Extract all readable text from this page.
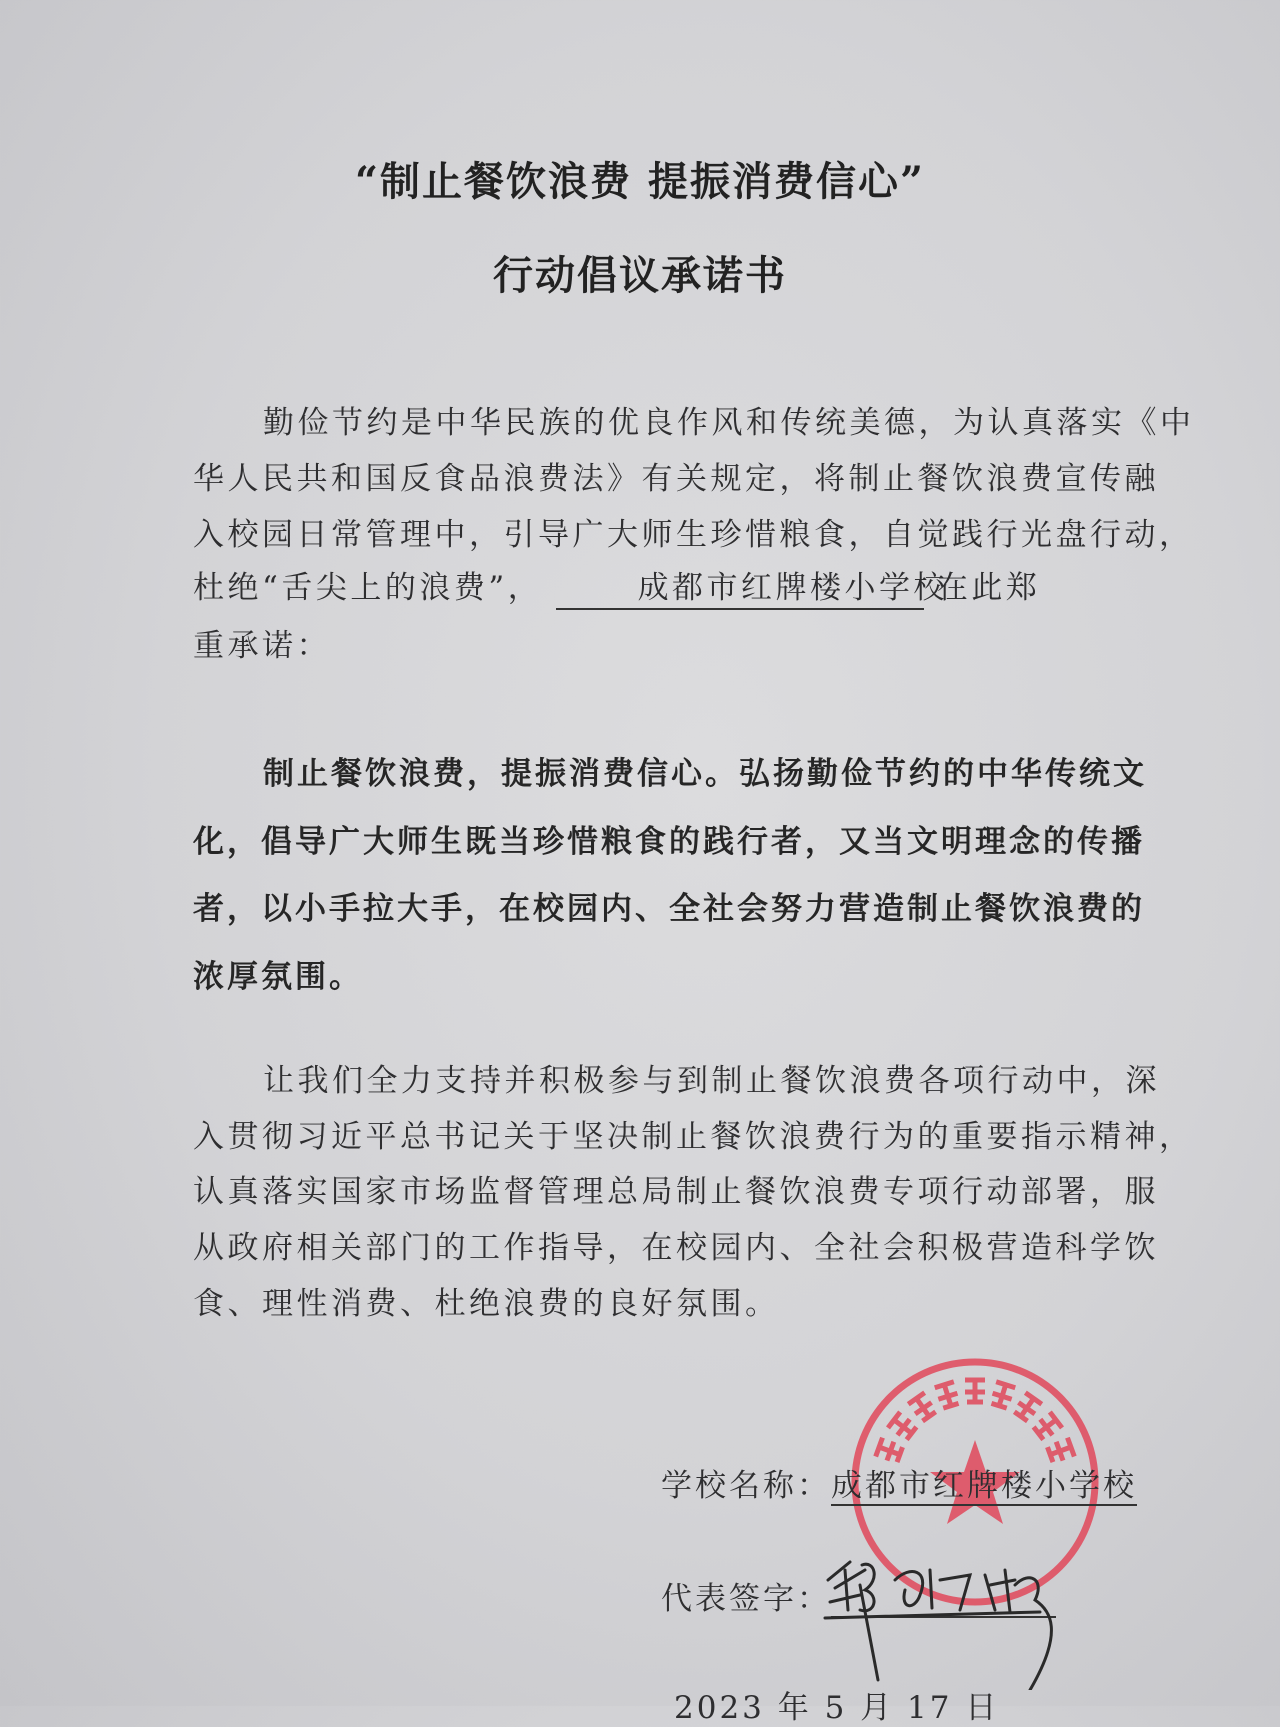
“制止餐饮浪费 提振消费信心”
行动倡议承诺书
勤俭节约是中华民族的优良作风和传统美德，为认真落实《中
华人民共和国反食品浪费法》有关规定，将制止餐饮浪费宣传融
入校园日常管理中，引导广大师生珍惜粮食，自觉践行光盘行动，
杜绝“舌尖上的浪费”，	成都市红牌楼小学校 在此郑
重承诺：
制止餐饮浪费，提振消费信心。弘扬勤俭节约的中华传统文
化，倡导广大师生既当珍惜粮食的践行者，又当文明理念的传播
者，以小手拉大手，在校园内、全社会努力营造制止餐饮浪费的
浓厚氛围。
让我们全力支持并积极参与到制止餐饮浪费各项行动中，深
入贯彻习近平总书记关于坚决制止餐饮浪费行为的重要指示精神，
认真落实国家市场监督管理总局制止餐饮浪费专项行动部署，服
从政府相关部门的工作指导，在校园内、全社会积极营造科学饮
食、理性消费、杜绝浪费的良好氛围。
学校名称：成都市红牌楼小学校
代表签字：
2023 年 5 月 17 日
